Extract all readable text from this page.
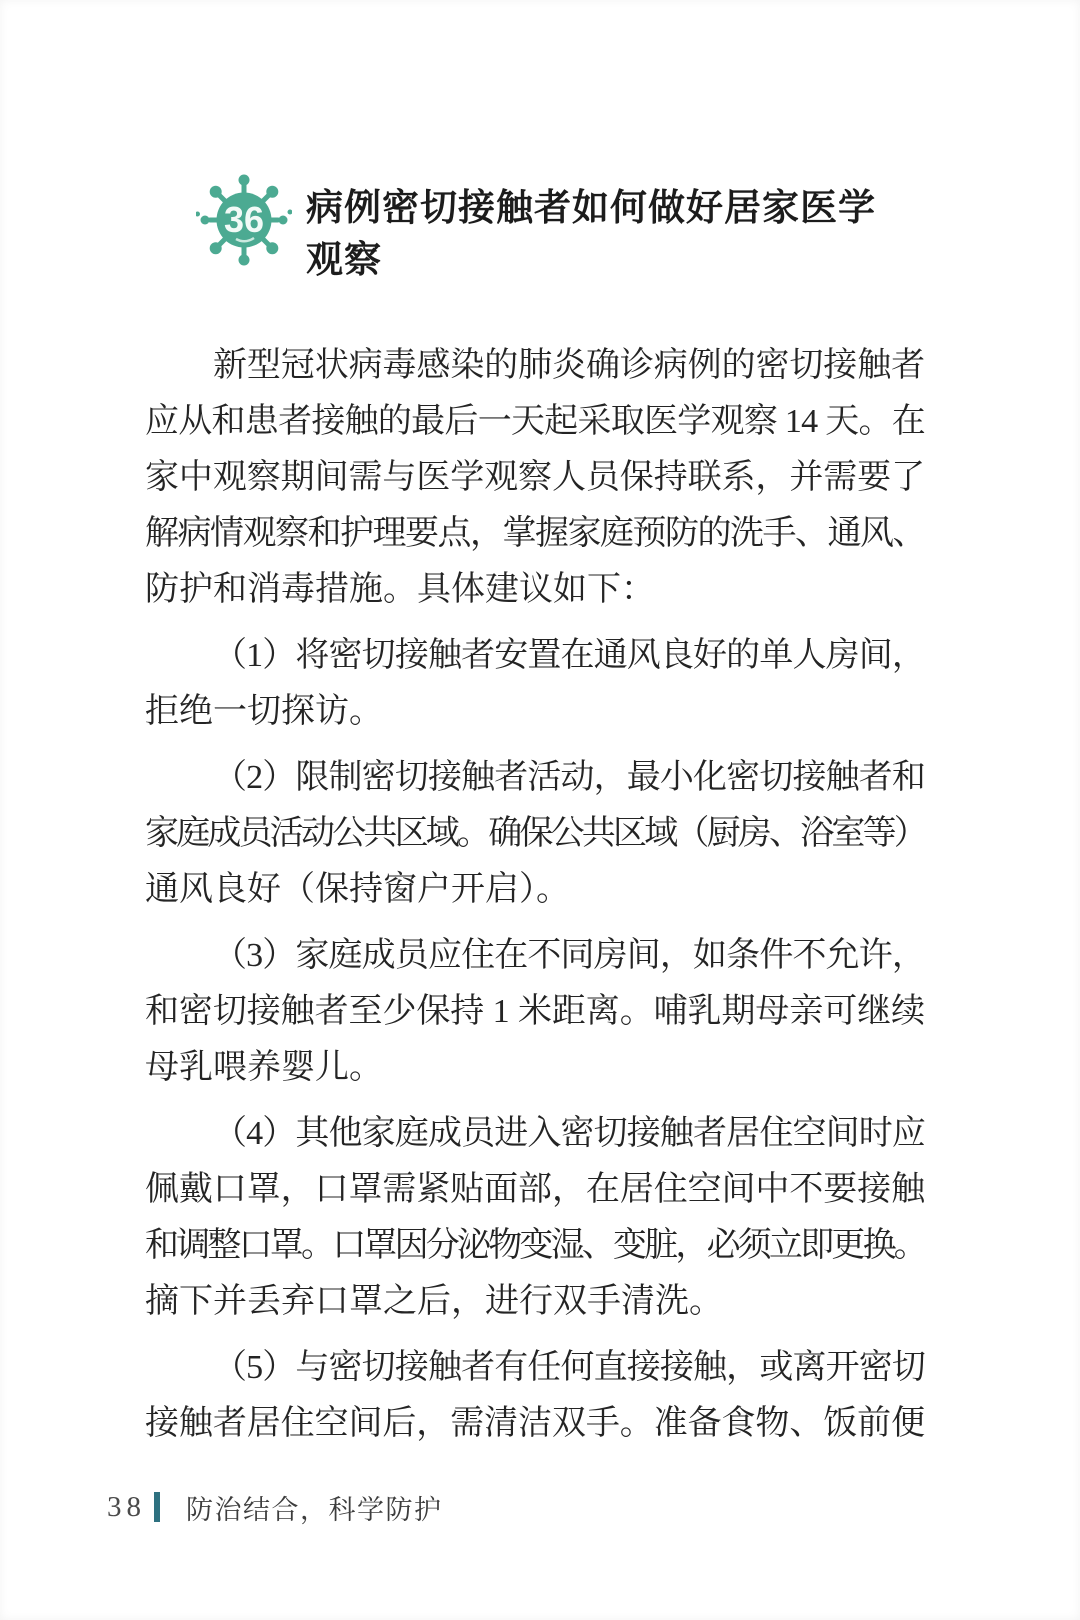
36 病例密切接触者如何做好居家医学观察
新型冠状病毒感染的肺炎确诊病例的密切接触者
应从和患者接触的最后一天起采取医学观察 14 天。在
家中观察期间需与医学观察人员保持联系，并需要了
解病情观察和护理要点，掌握家庭预防的洗手、通风、
防护和消毒措施。具体建议如下：
（1）将密切接触者安置在通风良好的单人房间，
拒绝一切探访。
（2）限制密切接触者活动，最小化密切接触者和
家庭成员活动公共区域。确保公共区域（厨房、浴室等）
通风良好（保持窗户开启）。
（3）家庭成员应住在不同房间，如条件不允许，
和密切接触者至少保持 1 米距离。哺乳期母亲可继续
母乳喂养婴儿。
（4）其他家庭成员进入密切接触者居住空间时应
佩戴口罩，口罩需紧贴面部，在居住空间中不要接触
和调整口罩。口罩因分泌物变湿、变脏，必须立即更换。
摘下并丢弃口罩之后，进行双手清洗。
（5）与密切接触者有任何直接接触，或离开密切
接触者居住空间后，需清洁双手。准备食物、饭前便
38 防治结合，科学防护
